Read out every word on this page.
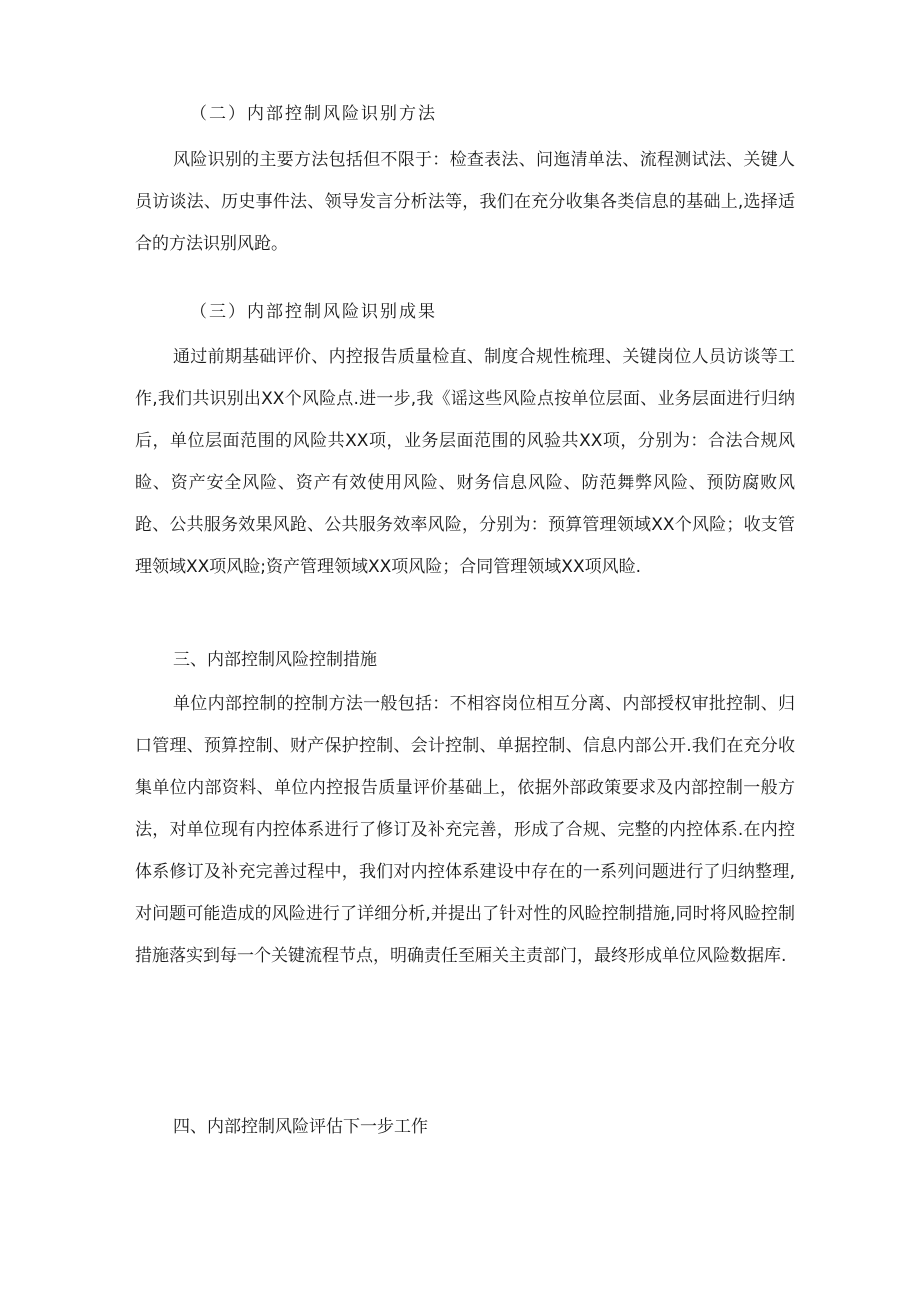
（二）内部控制风险识别方法

风险识别的主要方法包括但不限于：检查表法、问迤清单法、流程测试法、关键人员访谈法、历史事件法、领导发言分析法等，我们在充分收集各类信息的基础上,选择适合的方法识别风跄。

（三）内部控制风险识别成果

通过前期基础评价、内控报告质量检直、制度合规性梳理、关键岗位人员访谈等工作,我们共识别出XX个风险点.进一步,我《谣这些风险点按单位层面、业务层面进行归纳后，单位层面范围的风险共XX项，业务层面范围的风验共XX项，分别为：合法合规风睑、资产安全风险、资产有效使用风险、财务信息风险、防范舞弊风险、预防腐败风跄、公共服务效果风跄、公共服务效率风险，分别为：预算管理领域XX个风险；收支管理领域XX项风睑;资产管理领域XX项风险；合同管理领域XX项风睑.

三、内部控制风险控制措施

单位内部控制的控制方法一般包括：不相容岗位相互分离、内部授权审批控制、归口管理、预算控制、财产保护控制、会计控制、单据控制、信息内部公开.我们在充分收集单位内部资料、单位内控报告质量评价基础上，依据外部政策要求及内部控制一般方法，对单位现有内控体系进行了修订及补充完善，形成了合规、完整的内控体系.在内控体系修订及补充完善过程中，我们对内控体系建设中存在的一系列问题进行了归纳整理,对问题可能造成的风险进行了详细分析,并提出了针对性的风睑控制措施,同时将风睑控制措施落实到每一个关键流程节点，明确责任至厢关主责部门，最终形成单位风险数据库.

四、内部控制风险评估下一步工作
